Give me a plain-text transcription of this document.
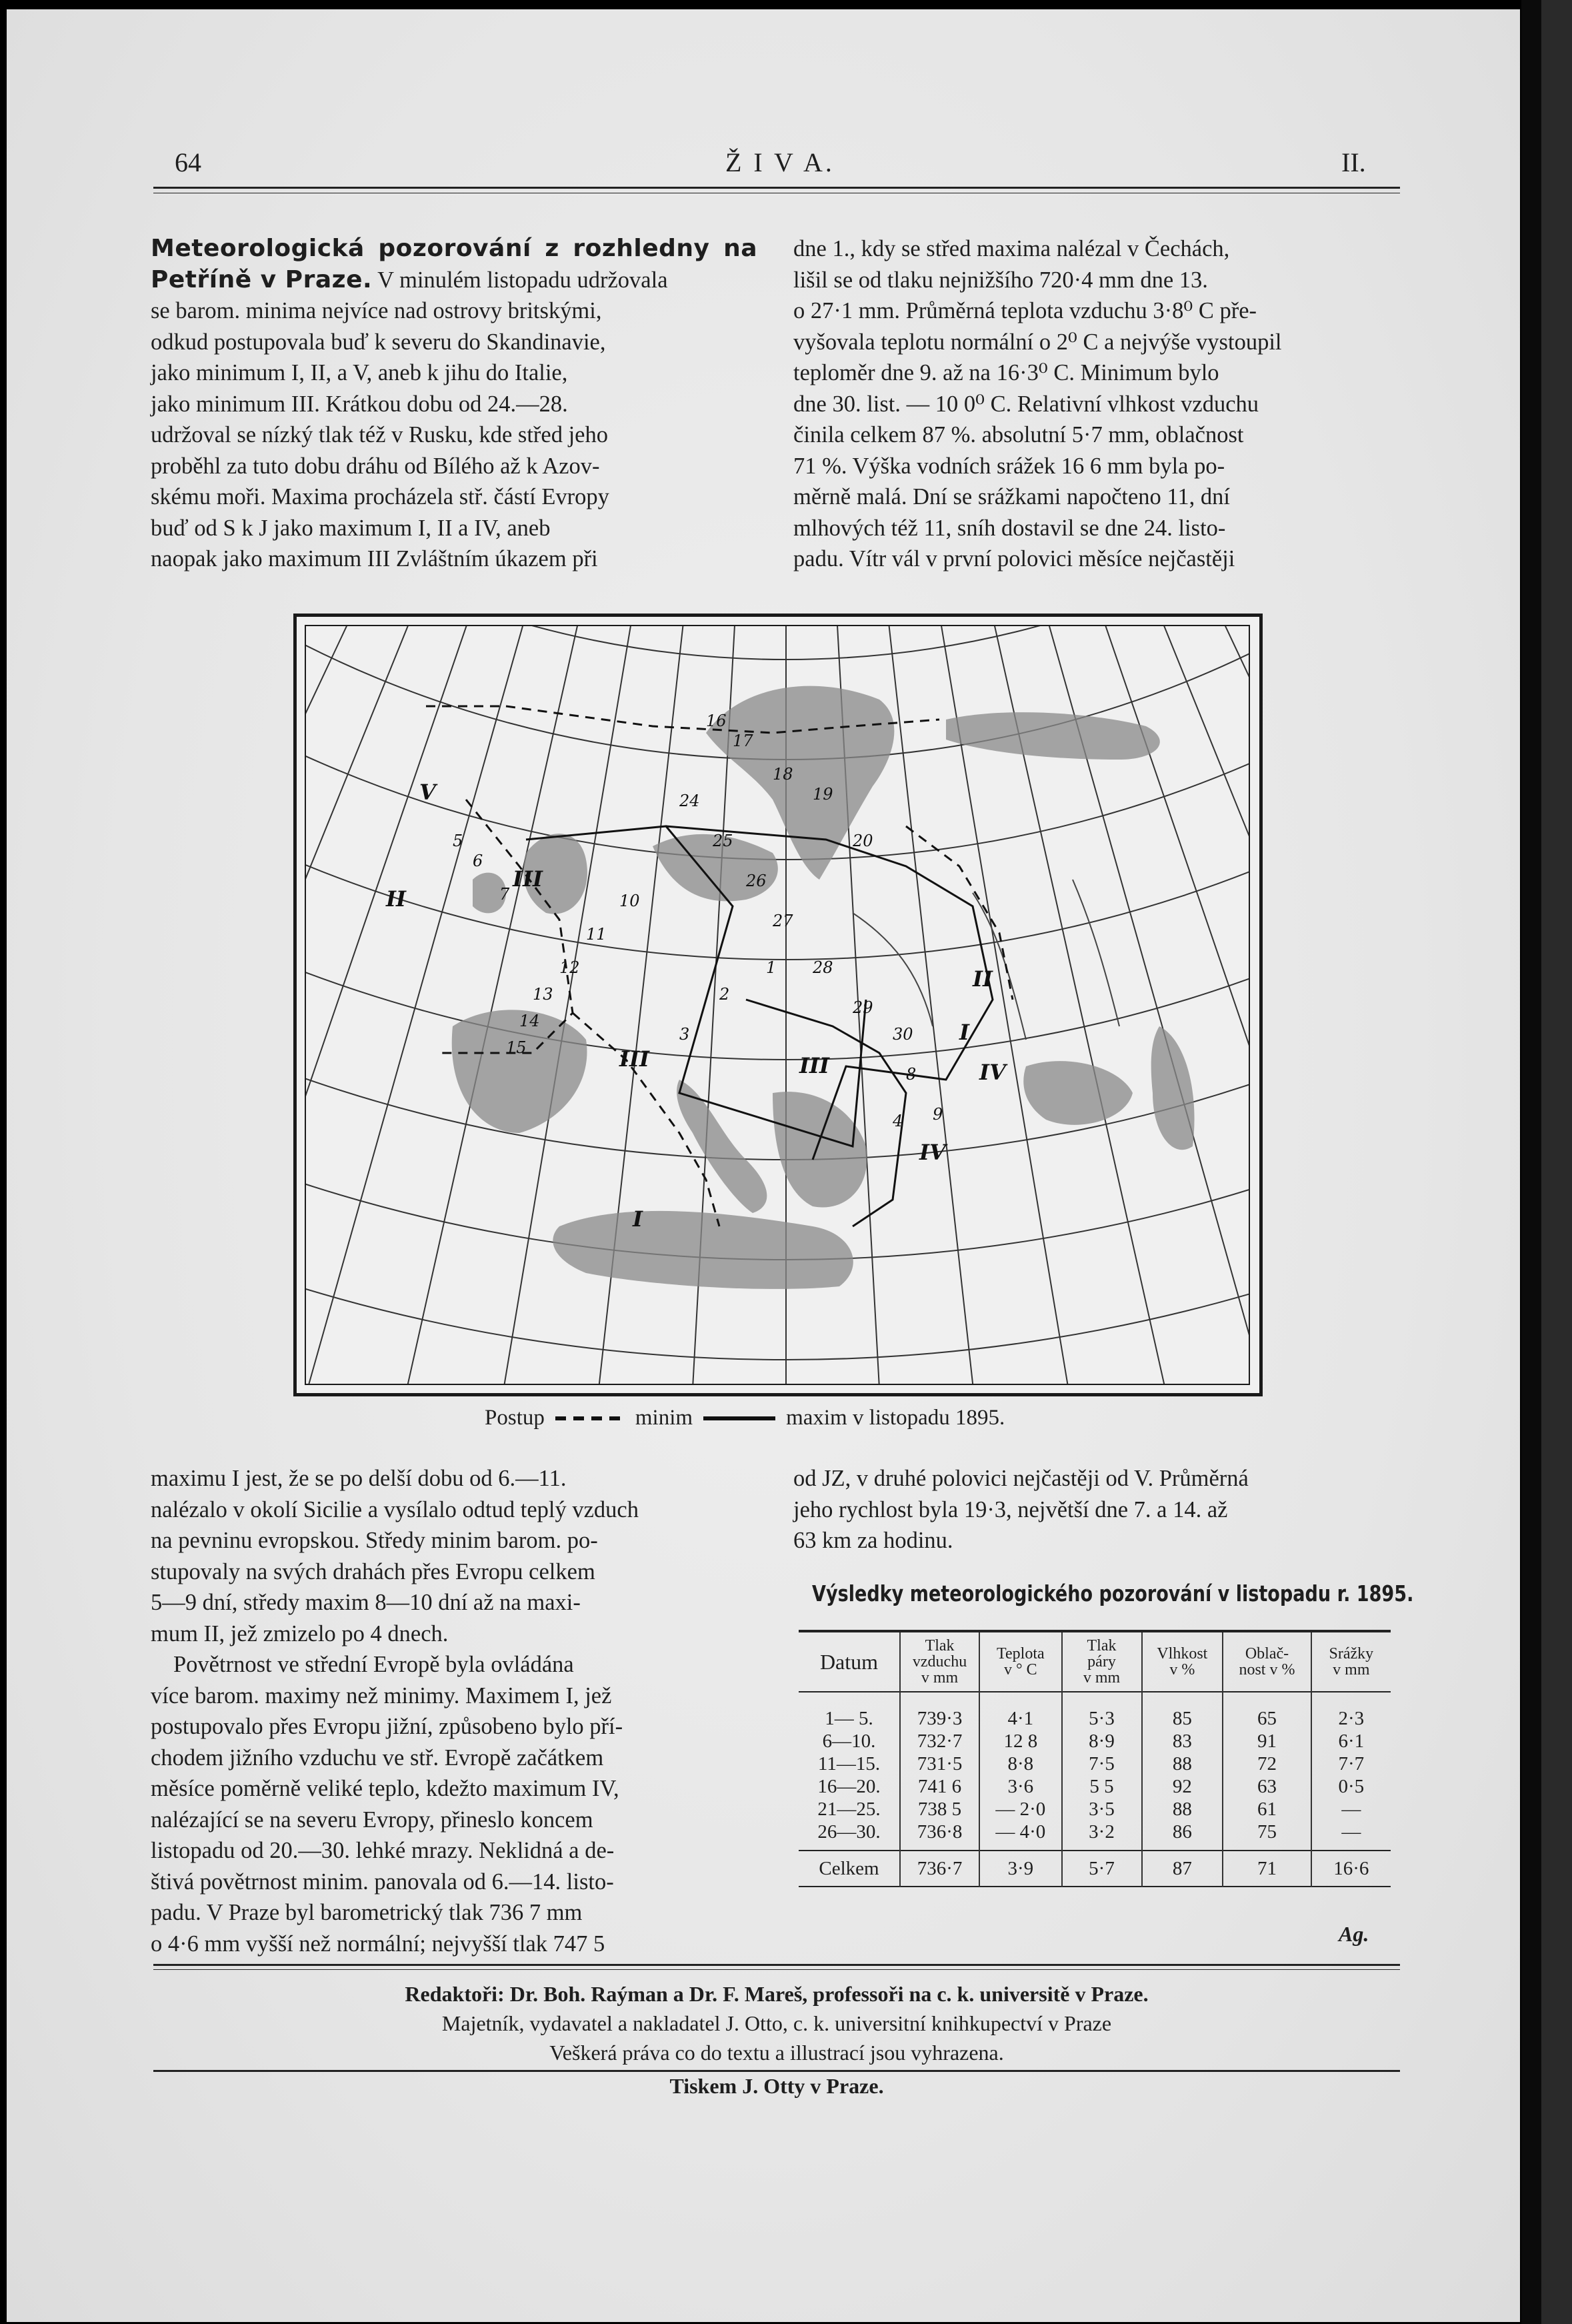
64	Ž I V A.	II.

Meteorologická pozorování z rozhledny na Petříně v Praze. V minulém listopadu udržovala

se barom. minima nejvíce nad ostrovy britskými,

odkud postupovala buď k severu do Skandinavie,

jako minimum I, II, a V, aneb k jihu do Italie,

jako minimum III. Krátkou dobu od 24.—28.

udržoval se nízký tlak též v Rusku, kde střed jeho

proběhl za tuto dobu dráhu od Bílého až k Azov-

skému moři. Maxima procházela stř. částí Evropy

buď od S k J jako maximum I, II a IV, aneb

naopak jako maximum III Zvláštním úkazem při

dne 1., kdy se střed maxima nalézal v Čechách,

lišil se od tlaku nejnižšího 720·4 mm dne 13.

o 27·1 mm. Průměrná teplota vzduchu 3·8⁰ C pře-

vyšovala teplotu normální o 2⁰ C a nejvýše vystoupil

teploměr dne 9. až na 16·3⁰ C. Minimum bylo

dne 30. list. — 10 0⁰ C. Relativní vlhkost vzduchu

činila celkem 87 %. absolutní 5·7 mm, oblačnost

71 %. Výška vodních srážek 16 6 mm byla po-

měrně malá. Dní se srážkami napočteno 11, dní

mlhových též 11, sníh dostavil se dne 24. listo-

padu. Vítr vál v první polovici měsíce nejčastěji

I
II
III
IV
V
I
II
III
IV
III
16
17
18
19
20
24
25
26
27
28
29
30
10
11
12
13
14
15
5
6
7
8
9
4
3
2
1
Postup	minim	maxim v listopadu 1895.

maximu I jest, že se po delší dobu od 6.—11.

nalézalo v okolí Sicilie a vysílalo odtud teplý vzduch

na pevninu evropskou. Středy minim barom. po-

stupovaly na svých drahách přes Evropu celkem

5—9 dní, středy maxim 8—10 dní až na maxi-

mum II, jež zmizelo po 4 dnech.

Povětrnost ve střední Evropě byla ovládána

více barom. maximy než minimy. Maximem I, jež

postupovalo přes Evropu jižní, způsobeno bylo pří-

chodem jižního vzduchu ve stř. Evropě začátkem

měsíce poměrně veliké teplo, kdežto maximum IV,

nalézající se na severu Evropy, přineslo koncem

listopadu od 20.—30. lehké mrazy. Neklidná a de-

štivá povětrnost minim. panovala od 6.—14. listo-

padu. V Praze byl barometrický tlak 736 7 mm

o 4·6 mm vyšší než normální; nejvyšší tlak 747 5

od JZ, v druhé polovici nejčastěji od V. Průměrná

jeho rychlost byla 19·3, největší dne 7. a 14. až

63 km za hodinu.

Výsledky meteorologického pozorování v listopadu r. 1895.
Datum	Tlak
vzduchu
v mm	Teplota
v ° C	Tlak
páry
v mm	Vlhkost
v %	Oblač-
nost v %	Srážky
v mm
1— 5.	739·3	4·1	5·3	85	65	2·3
6—10.	732·7	12 8	8·9	83	91	6·1
11—15.	731·5	8·8	7·5	88	72	7·7
16—20.	741 6	3·6	5 5	92	63	0·5
21—25.	738 5	— 2·0	3·5	88	61	—
26—30.	736·8	— 4·0	3·2	86	75	—
Celkem	736·7	3·9	5·7	87	71	16·6
Ag.
Redaktoři: Dr. Boh. Raýman a Dr. F. Mareš, professoři na c. k. universitě v Praze.
Majetník, vydavatel a nakladatel J. Otto, c. k. universitní knihkupectví v Praze
Veškerá práva co do textu a illustrací jsou vyhrazena.
Tiskem J. Otty v Praze.
